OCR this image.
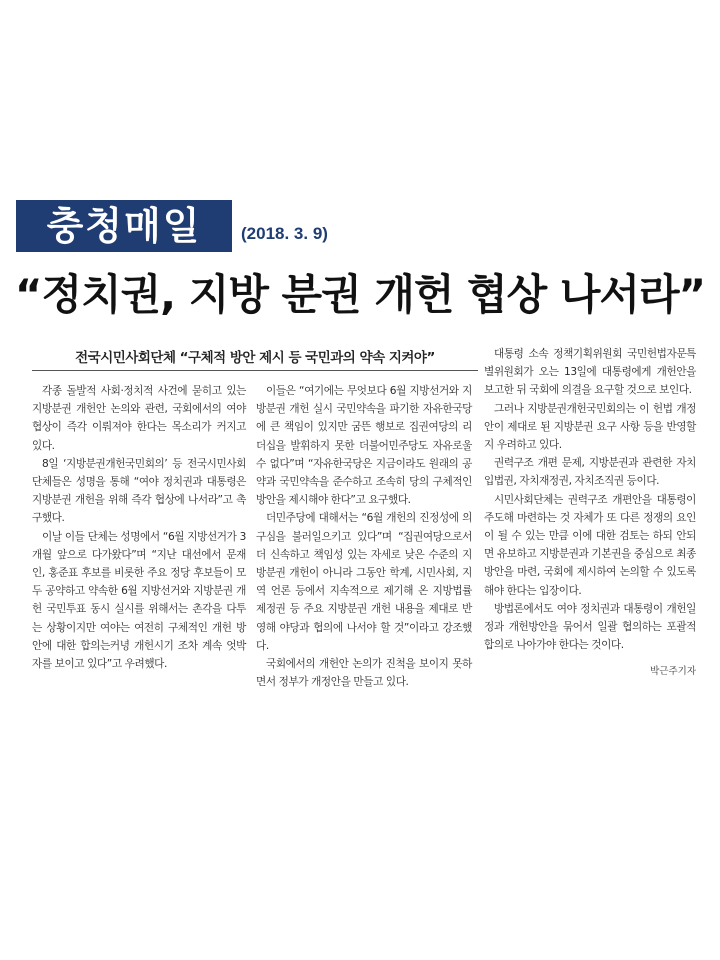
충청매일	(2018. 3. 9)
“정치권, 지방 분권 개헌 협상 나서라”
전국시민사회단체 “구체적 방안 제시 등 국민과의 약속 지켜야”

각종 돌발적 사회·정치적 사건에 묻히고 있는 지방분권 개헌안 논의와 관련, 국회에서의 여야 협상이 즉각 이뤄져야 한다는 목소리가 커지고 있다.

8일 ‘지방분권개헌국민회의’ 등 전국시민사회단체들은 성명을 통해 “여야 정치권과 대통령은 지방분권 개헌을 위해 즉각 협상에 나서라”고 촉구했다.

이날 이들 단체는 성명에서 “6월 지방선거가 3개월 앞으로 다가왔다”며 “지난 대선에서 문재인, 홍준표 후보를 비롯한 주요 정당 후보들이 모두 공약하고 약속한 6월 지방선거와 지방분권 개헌 국민투표 동시 실시를 위해서는 촌각을 다투는 상황이지만 여야는 여전히 구체적인 개헌 방안에 대한 합의는커녕 개헌시기 조차 계속 엇박자를 보이고 있다”고 우려했다.

이들은 “여기에는 무엇보다 6월 지방선거와 지방분권 개헌 실시 국민약속을 파기한 자유한국당에 큰 책임이 있지만 굼뜬 행보로 집권여당의 리더십을 발휘하지 못한 더불어민주당도 자유로울 수 없다”며 “자유한국당은 지금이라도 원래의 공약과 국민약속을 준수하고 조속히 당의 구체적인 방안을 제시해야 한다”고 요구했다.

더민주당에 대해서는 “6월 개헌의 진정성에 의구심을 불러일으키고 있다”며 “집권여당으로서 더 신속하고 책임성 있는 자세로 낮은 수준의 지방분권 개헌이 아니라 그동안 학계, 시민사회, 지역 언론 등에서 지속적으로 제기해 온 지방법률 제정권 등 주요 지방분권 개헌 내용을 제대로 반영해 야당과 협의에 나서야 할 것”이라고 강조했다.

국회에서의 개헌안 논의가 진척을 보이지 못하면서 정부가 개정안을 만들고 있다.

대통령 소속 정책기획위원회 국민헌법자문특별위원회가 오는 13일에 대통령에게 개헌안을 보고한 뒤 국회에 의결을 요구할 것으로 보인다.

그러나 지방분권개헌국민회의는 이 헌법 개정안이 제대로 된 지방분권 요구 사항 등을 반영할지 우려하고 있다.

권력구조 개편 문제, 지방분권과 관련한 자치입법권, 자치재정권, 자치조직권 등이다.

시민사회단체는 권력구조 개편안을 대통령이 주도해 마련하는 것 자체가 또 다른 정쟁의 요인이 될 수 있는 만큼 이에 대한 검토는 하되 안되면 유보하고 지방분권과 기본권을 중심으로 최종방안을 마련, 국회에 제시하여 논의할 수 있도록 해야 한다는 입장이다.

방법론에서도 여야 정치권과 대통령이 개헌일정과 개헌방안을 묶어서 일괄 협의하는 포괄적 합의로 나아가야 한다는 것이다.

박근주기자
